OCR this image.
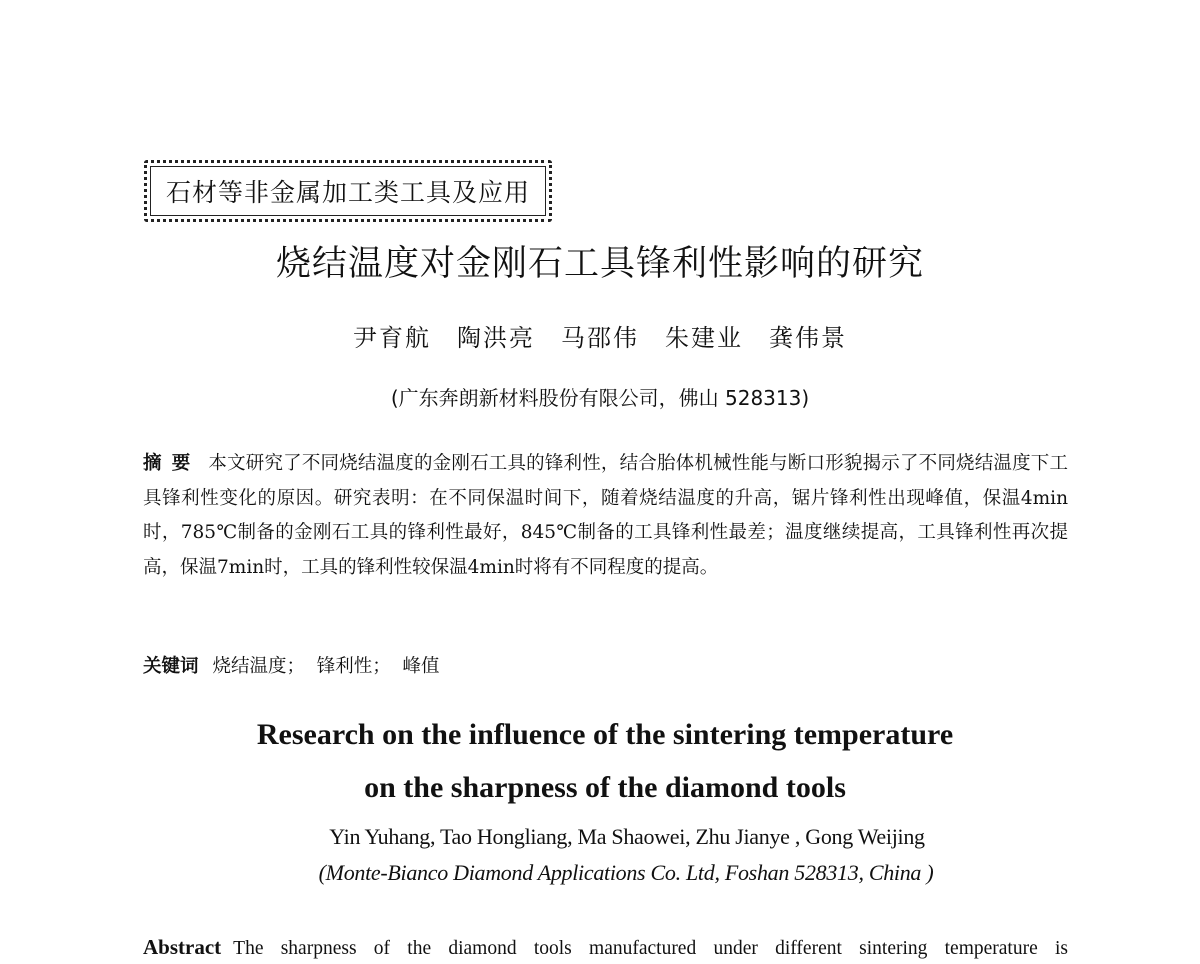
石材等非金属加工类工具及应用
烧结温度对金刚石工具锋利性影响的研究
尹育航　陶洪亮　马邵伟　朱建业　龚伟景
(广东奔朗新材料股份有限公司，佛山 528313)
摘要 本文研究了不同烧结温度的金刚石工具的锋利性，结合胎体机械性能与断口形貌揭示了不同烧结温度下工具锋利性变化的原因。研究表明：在不同保温时间下，随着烧结温度的升高，锯片锋利性出现峰值，保温4min时，785℃制备的金刚石工具的锋利性最好，845℃制备的工具锋利性最差；温度继续提高，工具锋利性再次提高，保温7min时，工具的锋利性较保温4min时将有不同程度的提高。
关键词 烧结温度；  锋利性；  峰值
Research on the influence of the sintering temperature
on the sharpness of the diamond tools
Yin Yuhang, Tao Hongliang, Ma Shaowei, Zhu Jianye , Gong Weijing
(Monte-Bianco Diamond Applications Co. Ltd, Foshan 528313, China )
Abstract The sharpness of the diamond tools manufactured under different sintering temperature is
